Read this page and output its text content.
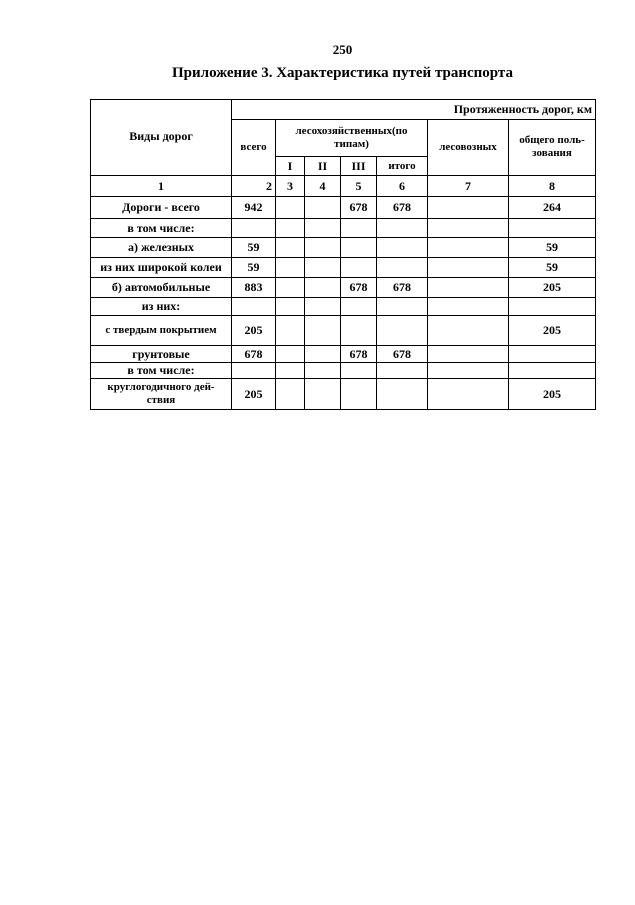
250
Приложение 3. Характеристика путей транспорта
Виды дорог	Протяженность дорог, км						
	всего	лесохозяйственных(по типам)				лесовозных	общего поль-зования
		I	II	III	итого		
1	2	3	4	5	6	7	8
Дороги - всего	942			678	678		264
в том числе:							
а) железных	59						59
из них широкой колеи	59						59
б) автомобильные	883			678	678		205
из них:							
с твердым покрытием	205						205
грунтовые	678			678	678		
в том числе:							
круглогодичного дей-ствия	205						205
